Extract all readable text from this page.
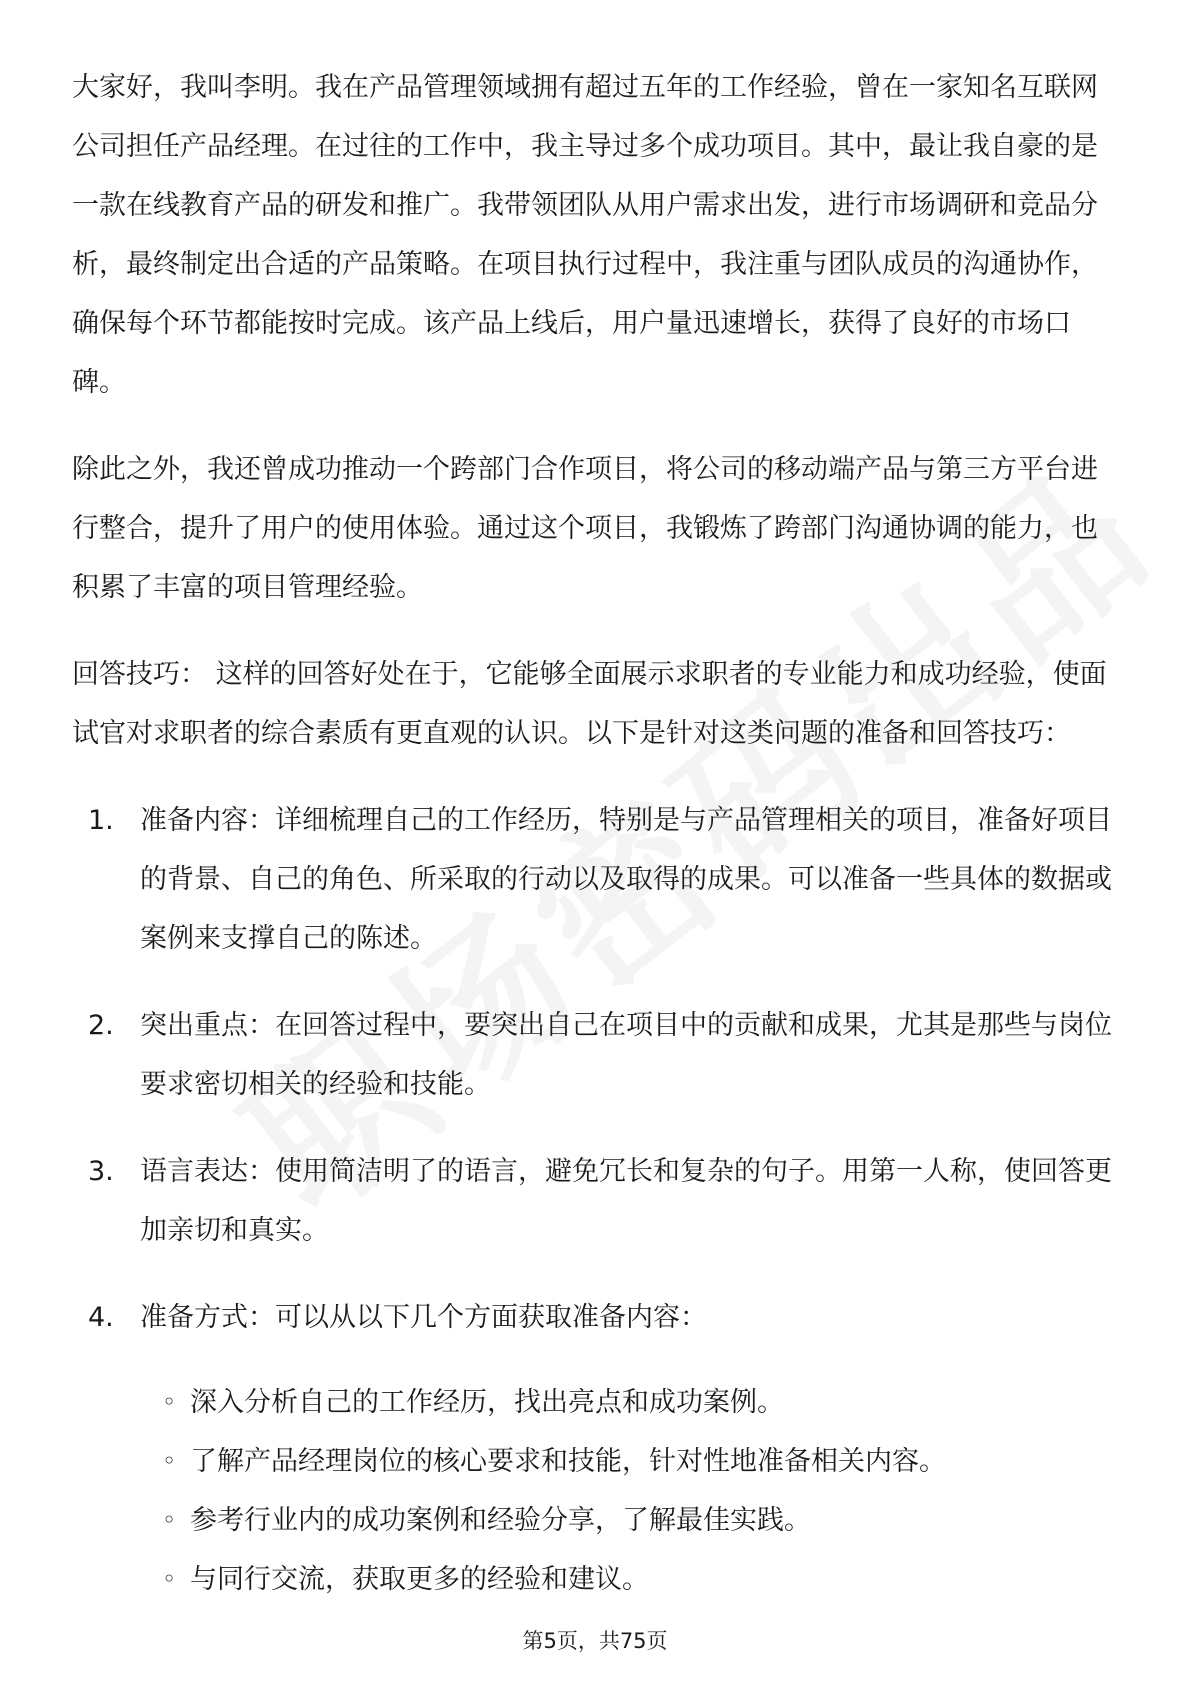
大家好，我叫李明。我在产品管理领域拥有超过五年的工作经验，曾在一家知名互联网公司担任产品经理。在过往的工作中，我主导过多个成功项目。其中，最让我自豪的是一款在线教育产品的研发和推广。我带领团队从用户需求出发，进行市场调研和竞品分析，最终制定出合适的产品策略。在项目执行过程中，我注重与团队成员的沟通协作，确保每个环节都能按时完成。该产品上线后，用户量迅速增长，获得了良好的市场口碑。

除此之外，我还曾成功推动一个跨部门合作项目，将公司的移动端产品与第三方平台进行整合，提升了用户的使用体验。通过这个项目，我锻炼了跨部门沟通协调的能力，也积累了丰富的项目管理经验。

回答技巧： 这样的回答好处在于，它能够全面展示求职者的专业能力和成功经验，使面试官对求职者的综合素质有更直观的认识。以下是针对这类问题的准备和回答技巧：

1. 准备内容：详细梳理自己的工作经历，特别是与产品管理相关的项目，准备好项目的背景、自己的角色、所采取的行动以及取得的成果。可以准备一些具体的数据或案例来支撑自己的陈述。
2. 突出重点：在回答过程中，要突出自己在项目中的贡献和成果，尤其是那些与岗位要求密切相关的经验和技能。
3. 语言表达：使用简洁明了的语言，避免冗长和复杂的句子。用第一人称，使回答更加亲切和真实。
4. 准备方式：可以从以下几个方面获取准备内容：
◦ 深入分析自己的工作经历，找出亮点和成功案例。
◦ 了解产品经理岗位的核心要求和技能，针对性地准备相关内容。
◦ 参考行业内的成功案例和经验分享，了解最佳实践。
◦ 与同行交流，获取更多的经验和建议。
第5页，共75页
